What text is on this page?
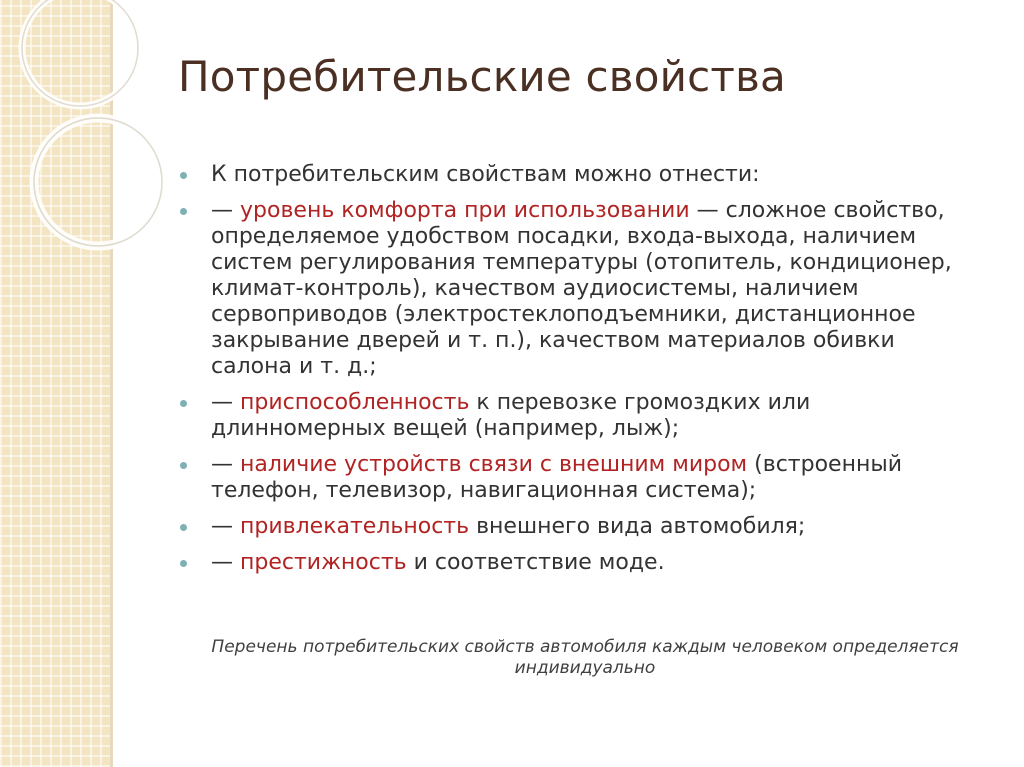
Потребительские свойства
К потребительским свойствам можно отнести:
— уровень комфорта при использовании — сложное свойство, определяемое удобством посадки, входа-выхода, наличием систем регулирования температуры (отопитель, кондиционер, климат-контроль), качеством аудиосистемы, наличием сервоприводов (электростеклоподъемники, дистанционное закрывание дверей и т. п.), качеством материалов обивки салона и т. д.;
— приспособленность к перевозке громоздких или длинномерных вещей (например, лыж);
— наличие устройств связи с внешним миром (встроенный телефон, телевизор, навигационная система);
— привлекательность внешнего вида автомобиля;
— престижность и соответствие моде.

Перечень потребительских свойств автомобиля каждым человеком определяется индивидуально
